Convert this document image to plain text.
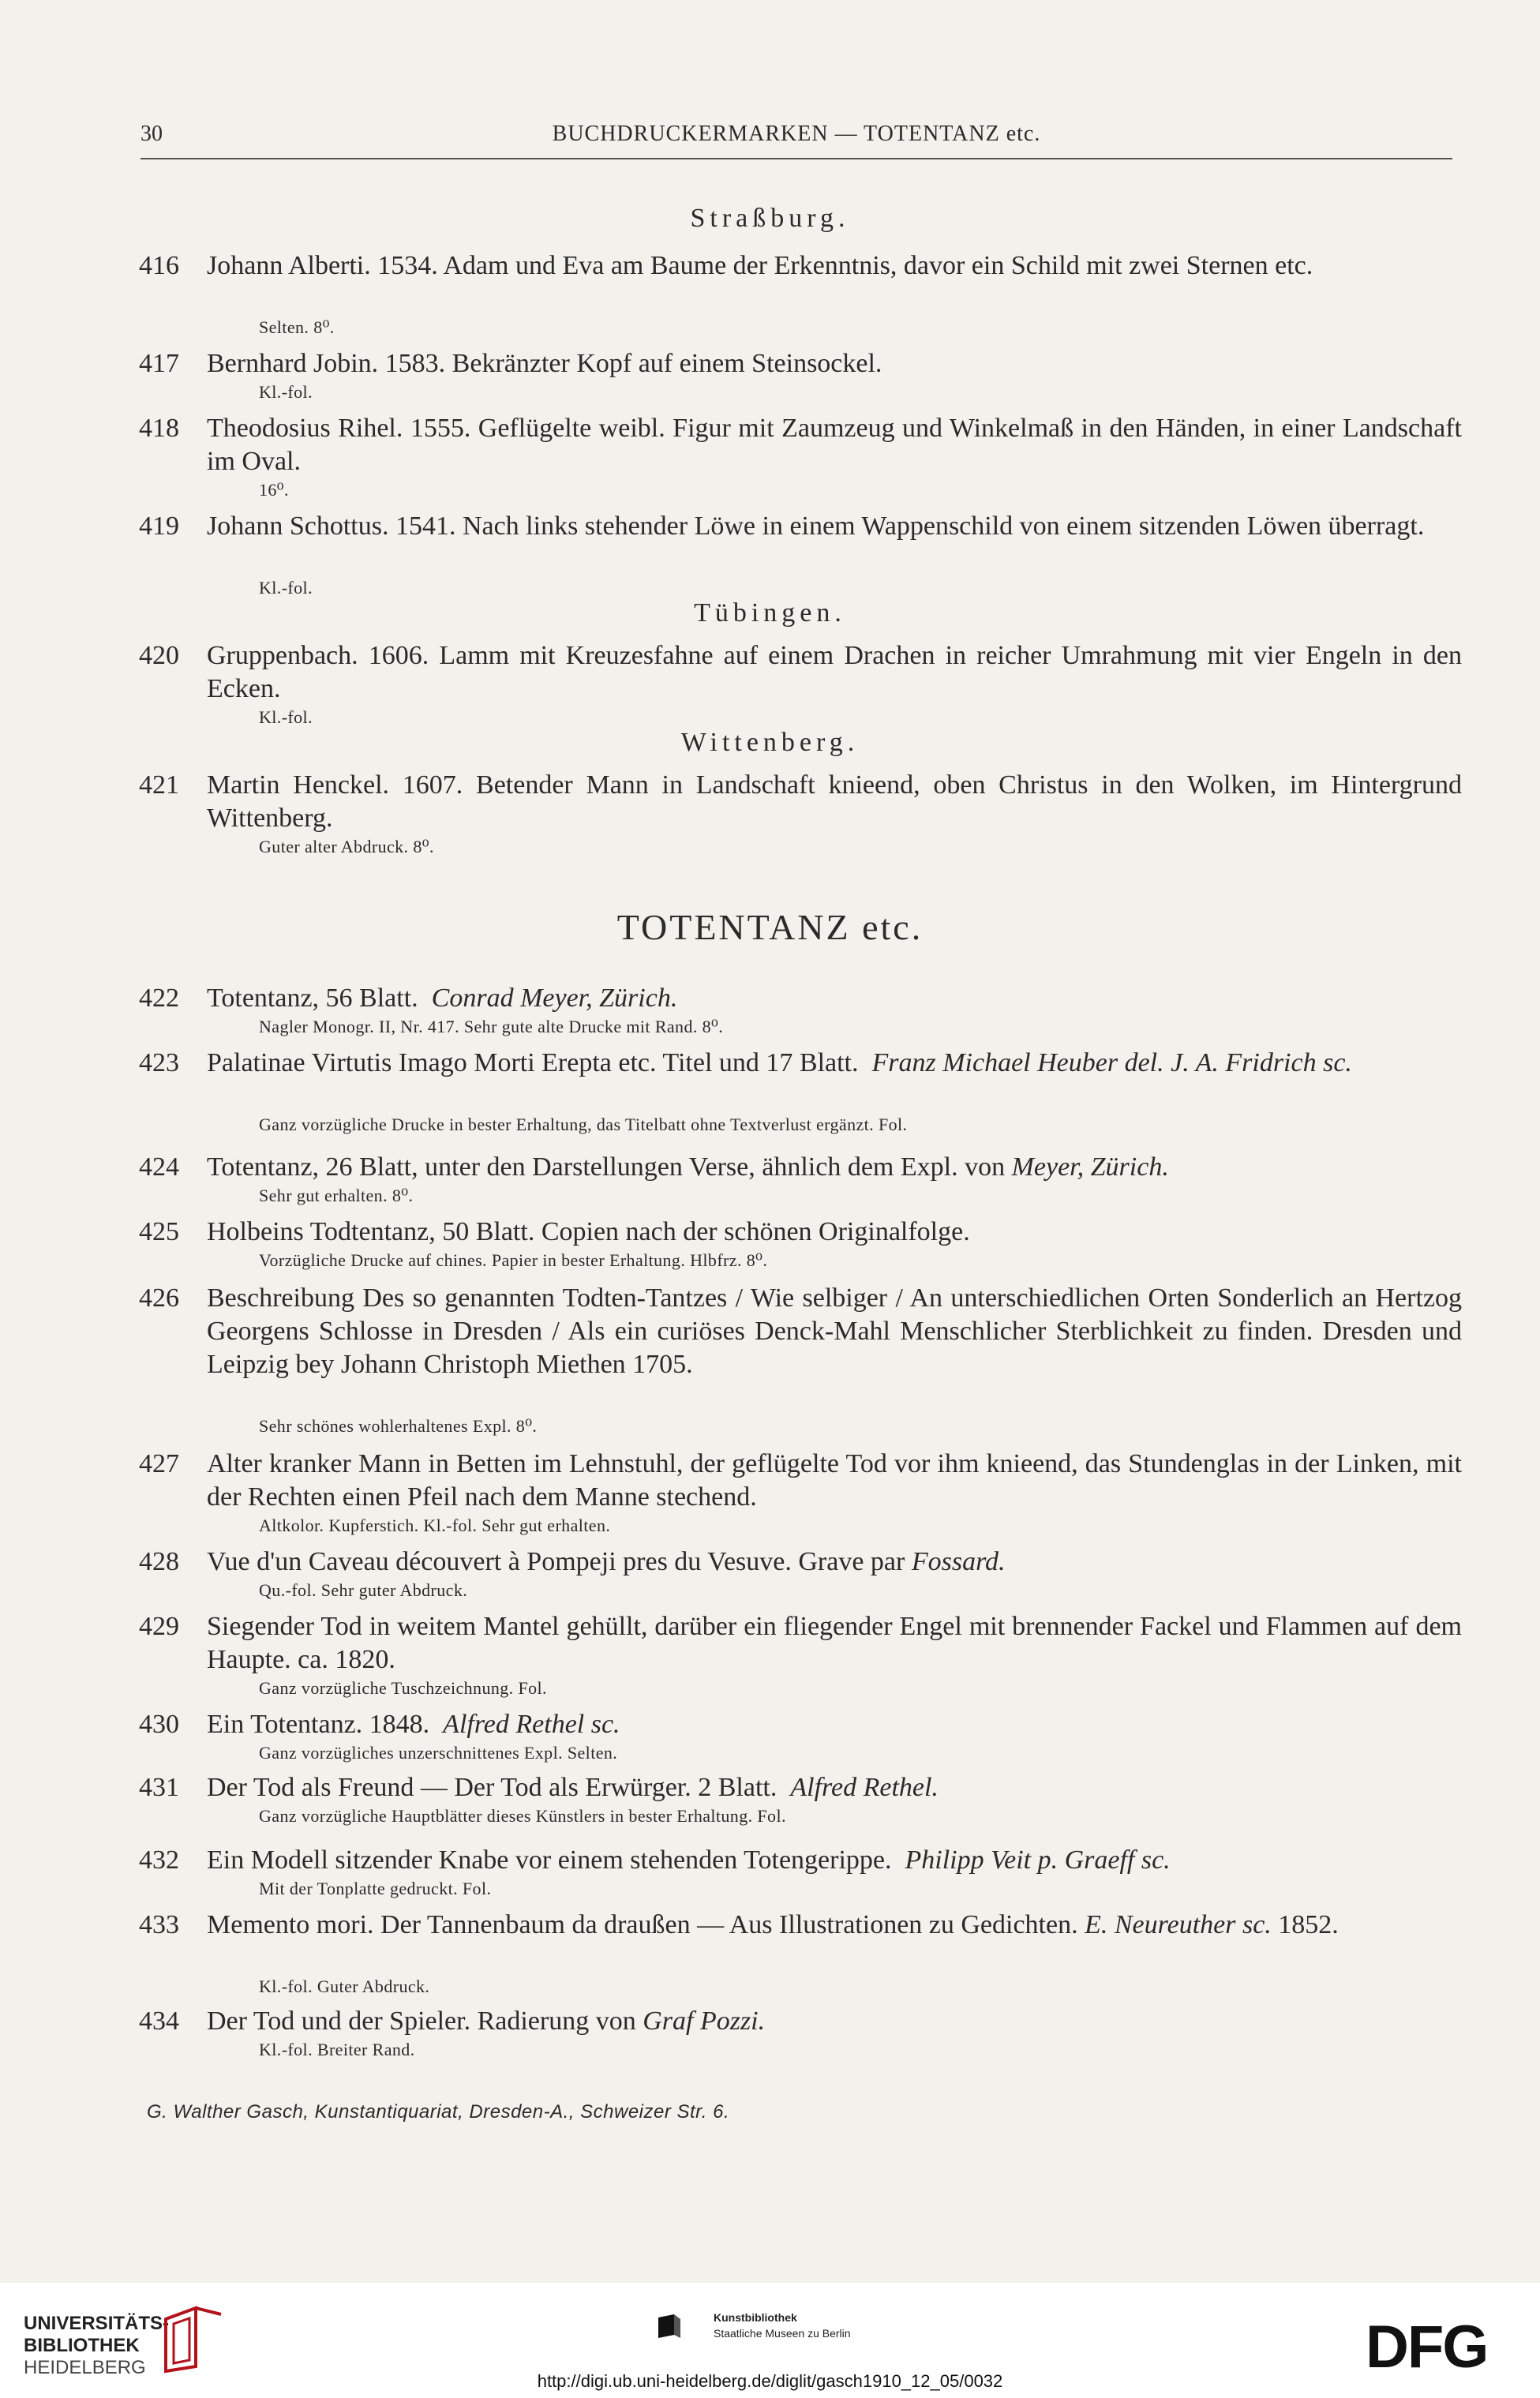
30	BUCHDRUCKERMARKEN — TOTENTANZ etc.
Straßburg.
416 Johann Alberti. 1534. Adam und Eva am Baume der Erkenntnis, davor ein Schild mit zwei Sternen etc.
Selten. 8⁰.
417 Bernhard Jobin. 1583. Bekränzter Kopf auf einem Steinsockel.
Kl.-fol.
418 Theodosius Rihel. 1555. Geflügelte weibl. Figur mit Zaumzeug und Winkelmaß in den Händen, in einer Landschaft im Oval.
16⁰.
419 Johann Schottus. 1541. Nach links stehender Löwe in einem Wappenschild von einem sitzenden Löwen überragt.
Kl.-fol.
Tübingen.
420 Gruppenbach. 1606. Lamm mit Kreuzesfahne auf einem Drachen in reicher Umrahmung mit vier Engeln in den Ecken.
Kl.-fol.
Wittenberg.
421 Martin Henckel. 1607. Betender Mann in Landschaft knieend, oben Christus in den Wolken, im Hintergrund Wittenberg.
Guter alter Abdruck. 8⁰.
TOTENTANZ etc.
422 Totentanz, 56 Blatt. Conrad Meyer, Zürich.
Nagler Monogr. II, Nr. 417. Sehr gute alte Drucke mit Rand. 8⁰.
423 Palatinae Virtutis Imago Morti Erepta etc. Titel und 17 Blatt. Franz Michael Heuber del. J. A. Fridrich sc.
Ganz vorzügliche Drucke in bester Erhaltung, das Titelbatt ohne Textverlust ergänzt. Fol.
424 Totentanz, 26 Blatt, unter den Darstellungen Verse, ähnlich dem Expl. von Meyer, Zürich.
Sehr gut erhalten. 8⁰.
425 Holbeins Todtentanz, 50 Blatt. Copien nach der schönen Originalfolge.
Vorzügliche Drucke auf chines. Papier in bester Erhaltung. Hlbfrz. 8⁰.
426 Beschreibung Des so genannten Todten-Tantzes / Wie selbiger / An unterschiedlichen Orten Sonderlich an Hertzog Georgens Schlosse in Dresden / Als ein curiöses Denck-Mahl Menschlicher Sterblichkeit zu finden. Dresden und Leipzig bey Johann Christoph Miethen 1705.
Sehr schönes wohlerhaltenes Expl. 8⁰.
427 Alter kranker Mann in Betten im Lehnstuhl, der geflügelte Tod vor ihm knieend, das Stundenglas in der Linken, mit der Rechten einen Pfeil nach dem Manne stechend.
Altkolor. Kupferstich. Kl.-fol. Sehr gut erhalten.
428 Vue d'un Caveau découvert à Pompeji pres du Vesuve. Grave par Fossard.
Qu.-fol. Sehr guter Abdruck.
429 Siegender Tod in weitem Mantel gehüllt, darüber ein fliegender Engel mit brennender Fackel und Flammen auf dem Haupte. ca. 1820.
Ganz vorzügliche Tuschzeichnung. Fol.
430 Ein Totentanz. 1848. Alfred Rethel sc.
Ganz vorzügliches unzerschnittenes Expl. Selten.
431 Der Tod als Freund — Der Tod als Erwürger. 2 Blatt. Alfred Rethel.
Ganz vorzügliche Hauptblätter dieses Künstlers in bester Erhaltung. Fol.
432 Ein Modell sitzender Knabe vor einem stehenden Totengerippe. Philipp Veit p. Graeff sc.
Mit der Tonplatte gedruckt. Fol.
433 Memento mori. Der Tannenbaum da draußen — Aus Illustrationen zu Gedichten. E. Neureuther sc. 1852.
Kl.-fol. Guter Abdruck.
434 Der Tod und der Spieler. Radierung von Graf Pozzi.
Kl.-fol. Breiter Rand.
G. Walther Gasch, Kunstantiquariat, Dresden-A., Schweizer Str. 6.
UNIVERSITÄTS-
BIBLIOTHEK
HEIDELBERG
Kunstbibliothek
Staatliche Museen zu Berlin	DFG
http://digi.ub.uni-heidelberg.de/diglit/gasch1910_12_05/0032
